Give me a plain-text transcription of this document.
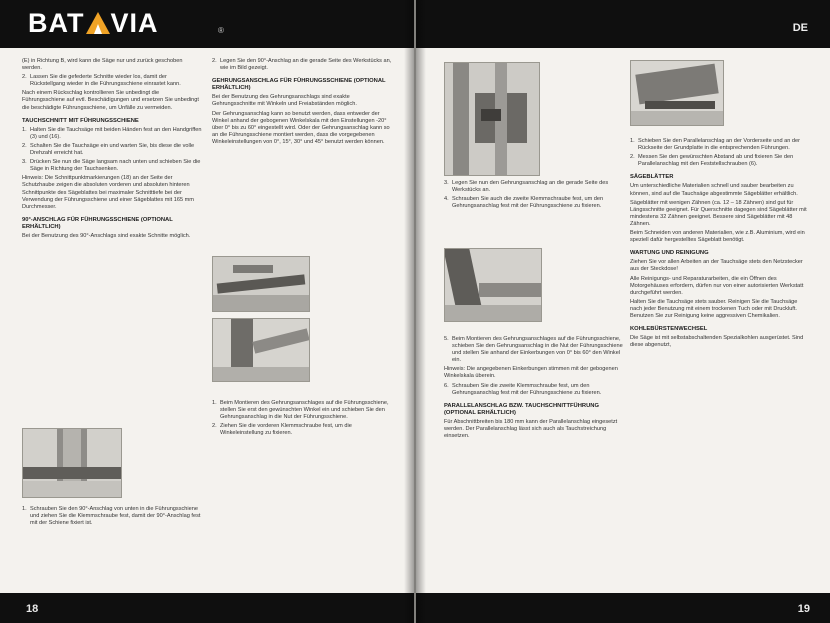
BAT VIA	®

(E) in Richtung B, wird kann die Säge nur und zurück geschoben werden.

2. Lassen Sie die gefederte Schnitte wieder los, damit der Rückstellgang wieder in die Führungsschiene einrastet kann.

Nach einem Rückschlag kontrollieren Sie unbedingt die Führungsschiene auf evtl. Beschädigungen und ersetzen Sie unbedingt die beschädigte Führungsschiene, um Unfälle zu vermeiden.

TAUCHSCHNITT MIT FÜHRUNGSSCHIENE

1. Halten Sie die Tauchsäge mit beiden Händen fest an den Handgriffen (3) und (16).

2. Schalten Sie die Tauchsäge ein und warten Sie, bis diese die volle Drehzahl erreicht hat.

3. Drücken Sie nun die Säge langsam nach unten und schieben Sie die Säge in Richtung der Tauchsenken.

Hinweis: Die Schnittpunktmarkierungen (18) an der Seite der Schutzhaube zeigen die absoluten vorderen und absoluten hinteren Schnittpunkte des Sägeblattes bei maximaler Schnitttiefe bei der Verwendung der Führungsschiene und einer Sägeblattes mit 165 mm Durchmesser.

90°-ANSCHLAG FÜR FÜHRUNGSSCHIENE (OPTIONAL ERHÄLTLICH)

Bei der Benutzung des 90°-Anschlags sind exakte Schnitte möglich.

1. Schrauben Sie den 90°-Anschlag von unten in die Führungsschiene und ziehen Sie die Klemmschraube fest, damit der 90°-Anschlag fest mit der Schiene fixiert ist.

2. Legen Sie den 90°-Anschlag an die gerade Seite des Werkstücks an, wie im Bild gezeigt.

GEHRUNGSANSCHLAG FÜR FÜHRUNGSSCHIENE (OPTIONAL ERHÄLTLICH)

Bei der Benutzung des Gehrungsanschlags sind exakte Gehrungsschnitte mit Winkeln und Freiabständen möglich.

Der Gehrungsanschlag kann so benutzt werden, dass entweder der Winkel anhand der gebogenen Winkelskala mit den Einstellungen -20° über 0° bis zu 60° eingestellt wird. Oder der Gehrungsanschlag kann so an die Führungsschiene montiert werden, dass die vorgegebenen Winkeleinstellungen von 0°, 15°, 30° und 45° benutzt werden können.

1. Beim Montieren des Gehrungsanschlages auf die Führungsschiene, stellen Sie erst den gewünschten Winkel ein und schieben Sie den Gehrungsanschlag in die Nut der Führungsschiene.

2. Ziehen Sie die vorderen Klemmschraube fest, um die Winkeleinstellung zu fixieren.

18
DE

3. Legen Sie nun den Gehrungsanschlag an die gerade Seite des Werkstücks an.

4. Schrauben Sie auch die zweite Klemmschraube fest, um den Gehrungsanschlag fest mit der Führungsschiene zu fixieren.

5. Beim Montieren des Gehrungsanschlages auf die Führungsschiene, schieben Sie den Gehrungsanschlag in die Nut der Führungsschiene und stellen Sie anhand der Einkerbungen von 0° bis 60° den Winkel ein.

Hinweis: Die angegebenen Einkerbungen stimmen mit der gebogenen Winkelskala überein.

6. Schrauben Sie die zweite Klemmschraube fest, um den Gehrungsanschlag fest mit der Führungsschiene zu fixieren.

PARALLELANSCHLAG BZW. TAUCHSCHNITTFÜHRUNG (OPTIONAL ERHÄLTLICH)

Für Abschnittbreiten bis 180 mm kann der Parallelanschlag eingesetzt werden. Der Parallelanschlag lässt sich auch als Tauchstreichung einsetzen.

1. Schieben Sie den Parallelanschlag an der Vorderseite und an der Rückseite der Grundplatte in die entsprechenden Führungen.

2. Messen Sie den gewünschten Abstand ab und fixieren Sie den Parallelanschlag mit den Feststellschrauben (6).

SÄGEBLÄTTER

Um unterschiedliche Materialien schnell und sauber bearbeiten zu können, sind auf die Tauchsäge abgestimmte Sägeblätter erhältlich.

Sägeblätter mit wenigen Zähnen (ca. 12 – 18 Zähnen) sind gut für Längsschnitte geeignet. Für Querschnitte dagegen sind Sägeblätter mit mindestens 32 Zähnen geeignet. Bessere sind Sägeblätter mit 48 Zähnen.

Beim Schneiden von anderen Materialien, wie z.B. Aluminium, wird ein speziell dafür hergestelltes Sägeblatt benötigt.

WARTUNG UND REINIGUNG

Ziehen Sie vor allen Arbeiten an der Tauchsäge stets den Netzstecker aus der Steckdose!

Alle Reinigungs- und Reparaturarbeiten, die ein Öffnen des Motorgehäuses erfordern, dürfen nur von einer autorisierten Werkstatt durchgeführt werden.

Halten Sie die Tauchsäge stets sauber. Reinigen Sie die Tauchsäge nach jeder Benutzung mit einem trockenen Tuch oder mit Druckluft. Benutzen Sie zur Reinigung keine aggressiven Chemikalien.

KOHLEBÜRSTENWECHSEL

Die Säge ist mit selbstabschaltenden Spezialkohlen ausgerüstet. Sind diese abgenutzt,

19
